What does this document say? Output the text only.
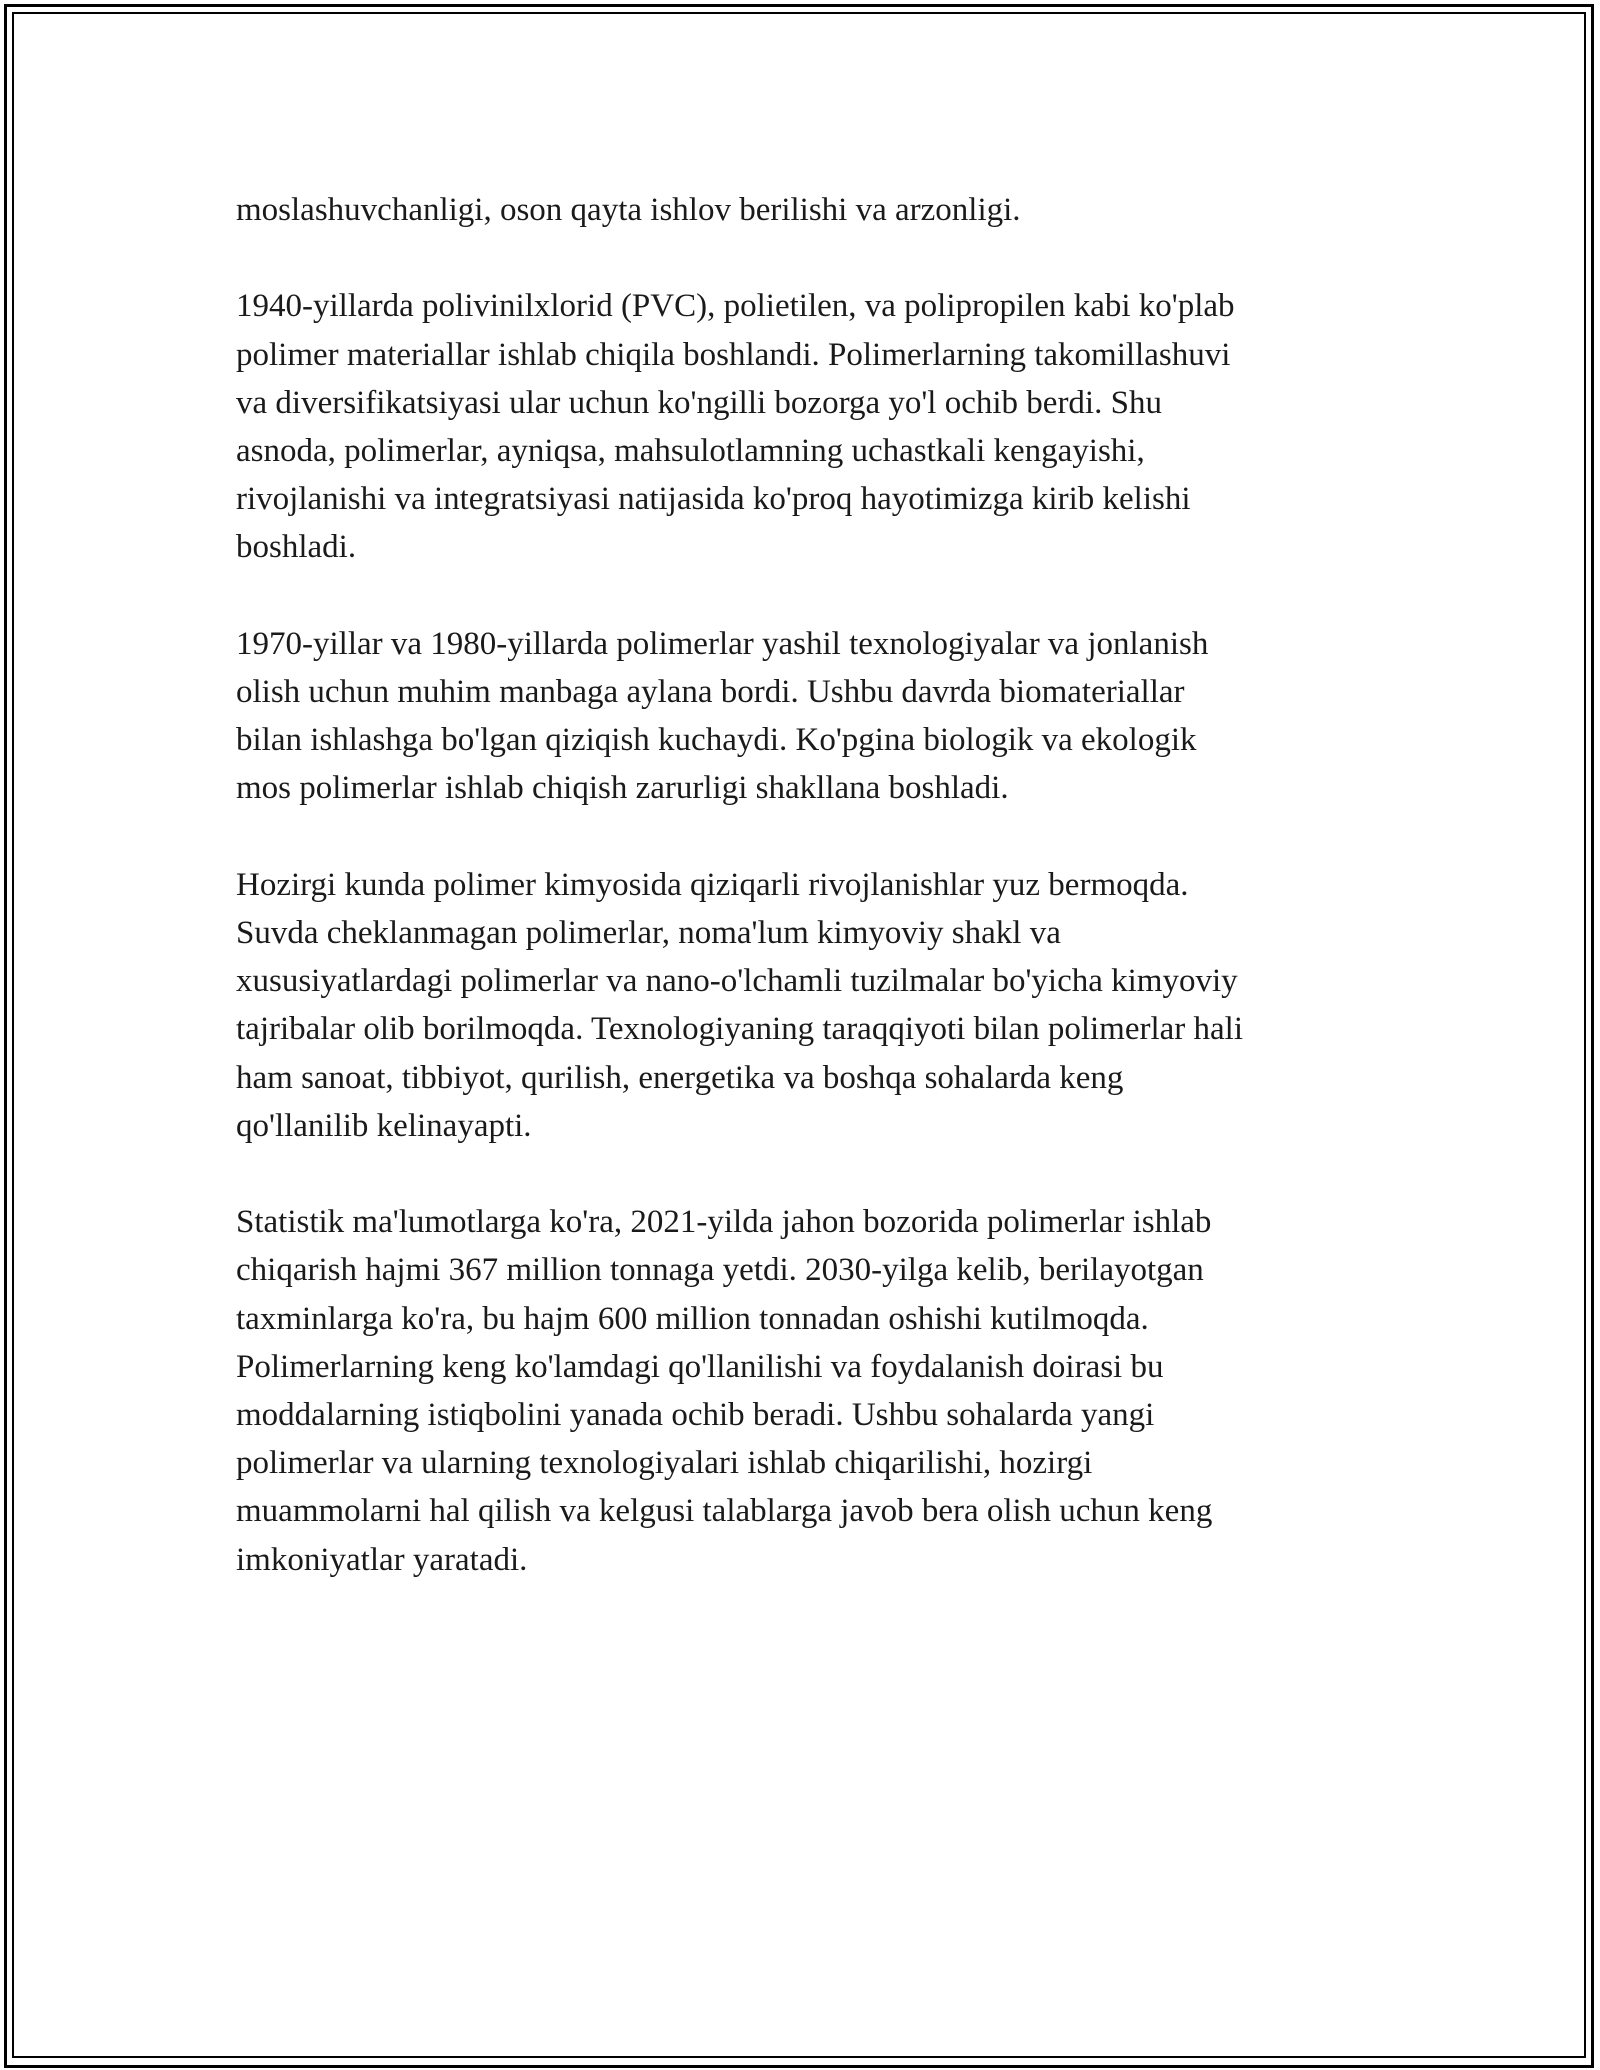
moslashuvchanligi, oson qayta ishlov berilishi va arzonligi.

1940-yillarda polivinilxlorid (PVC), polietilen, va polipropilen kabi ko'plab
polimer materiallar ishlab chiqila boshlandi. Polimerlarning takomillashuvi
va diversifikatsiyasi ular uchun ko'ngilli bozorga yo'l ochib berdi. Shu
asnoda, polimerlar, ayniqsa, mahsulotlamning uchastkali kengayishi,
rivojlanishi va integratsiyasi natijasida ko'proq hayotimizga kirib kelishi
boshladi.

1970-yillar va 1980-yillarda polimerlar yashil texnologiyalar va jonlanish
olish uchun muhim manbaga aylana bordi. Ushbu davrda biomateriallar
bilan ishlashga bo'lgan qiziqish kuchaydi. Ko'pgina biologik va ekologik
mos polimerlar ishlab chiqish zarurligi shakllana boshladi.

Hozirgi kunda polimer kimyosida qiziqarli rivojlanishlar yuz bermoqda.
Suvda cheklanmagan polimerlar, noma'lum kimyoviy shakl va
xususiyatlardagi polimerlar va nano-o'lchamli tuzilmalar bo'yicha kimyoviy
tajribalar olib borilmoqda. Texnologiyaning taraqqiyoti bilan polimerlar hali
ham sanoat, tibbiyot, qurilish, energetika va boshqa sohalarda keng
qo'llanilib kelinayapti.

Statistik ma'lumotlarga ko'ra, 2021-yilda jahon bozorida polimerlar ishlab
chiqarish hajmi 367 million tonnaga yetdi. 2030-yilga kelib, berilayotgan
taxminlarga ko'ra, bu hajm 600 million tonnadan oshishi kutilmoqda.
Polimerlarning keng ko'lamdagi qo'llanilishi va foydalanish doirasi bu
moddalarning istiqbolini yanada ochib beradi. Ushbu sohalarda yangi
polimerlar va ularning texnologiyalari ishlab chiqarilishi, hozirgi
muammolarni hal qilish va kelgusi talablarga javob bera olish uchun keng
imkoniyatlar yaratadi.
